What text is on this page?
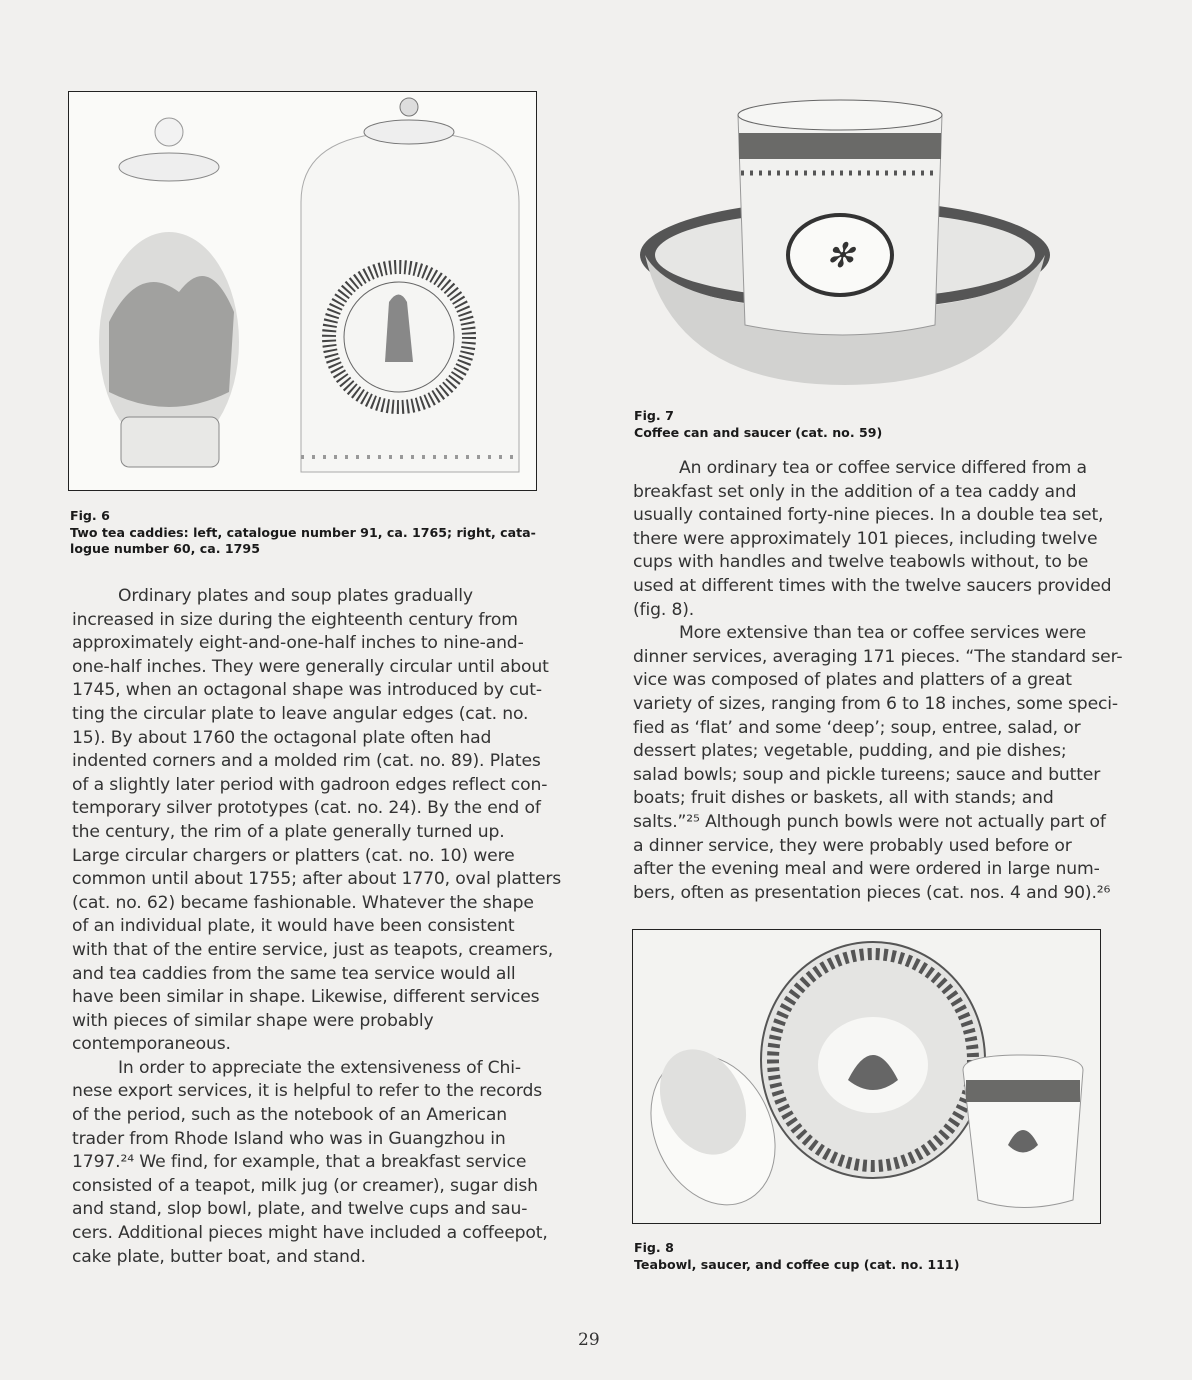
Fig. 6
Two tea caddies: left, catalogue number 91, ca. 1765; right, cata-
logue number 60, ca. 1795
✻
Fig. 7
Coffee can and saucer (cat. no. 59)
Ordinary plates and soup plates gradually
increased in size during the eighteenth century from
approximately eight-and-one-half inches to nine-and-
one-half inches. They were generally circular until about
1745, when an octagonal shape was introduced by cut-
ting the circular plate to leave angular edges (cat. no.
15). By about 1760 the octagonal plate often had
indented corners and a molded rim (cat. no. 89). Plates
of a slightly later period with gadroon edges reflect con-
temporary silver prototypes (cat. no. 24). By the end of
the century, the rim of a plate generally turned up.
Large circular chargers or platters (cat. no. 10) were
common until about 1755; after about 1770, oval platters
(cat. no. 62) became fashionable. Whatever the shape
of an individual plate, it would have been consistent
with that of the entire service, just as teapots, creamers,
and tea caddies from the same tea service would all
have been similar in shape. Likewise, different services
with pieces of similar shape were probably
contemporaneous.
In order to appreciate the extensiveness of Chi-
nese export services, it is helpful to refer to the records
of the period, such as the notebook of an American
trader from Rhode Island who was in Guangzhou in
1797.²⁴ We find, for example, that a breakfast service
consisted of a teapot, milk jug (or creamer), sugar dish
and stand, slop bowl, plate, and twelve cups and sau-
cers. Additional pieces might have included a coffeepot,
cake plate, butter boat, and stand.
An ordinary tea or coffee service differed from a
breakfast set only in the addition of a tea caddy and
usually contained forty-nine pieces. In a double tea set,
there were approximately 101 pieces, including twelve
cups with handles and twelve teabowls without, to be
used at different times with the twelve saucers provided
(fig. 8).
More extensive than tea or coffee services were
dinner services, averaging 171 pieces. “The standard ser-
vice was composed of plates and platters of a great
variety of sizes, ranging from 6 to 18 inches, some speci-
fied as ‘flat’ and some ‘deep’; soup, entree, salad, or
dessert plates; vegetable, pudding, and pie dishes;
salad bowls; soup and pickle tureens; sauce and butter
boats; fruit dishes or baskets, all with stands; and
salts.”²⁵ Although punch bowls were not actually part of
a dinner service, they were probably used before or
after the evening meal and were ordered in large num-
bers, often as presentation pieces (cat. nos. 4 and 90).²⁶
Fig. 8
Teabowl, saucer, and coffee cup (cat. no. 111)
29
